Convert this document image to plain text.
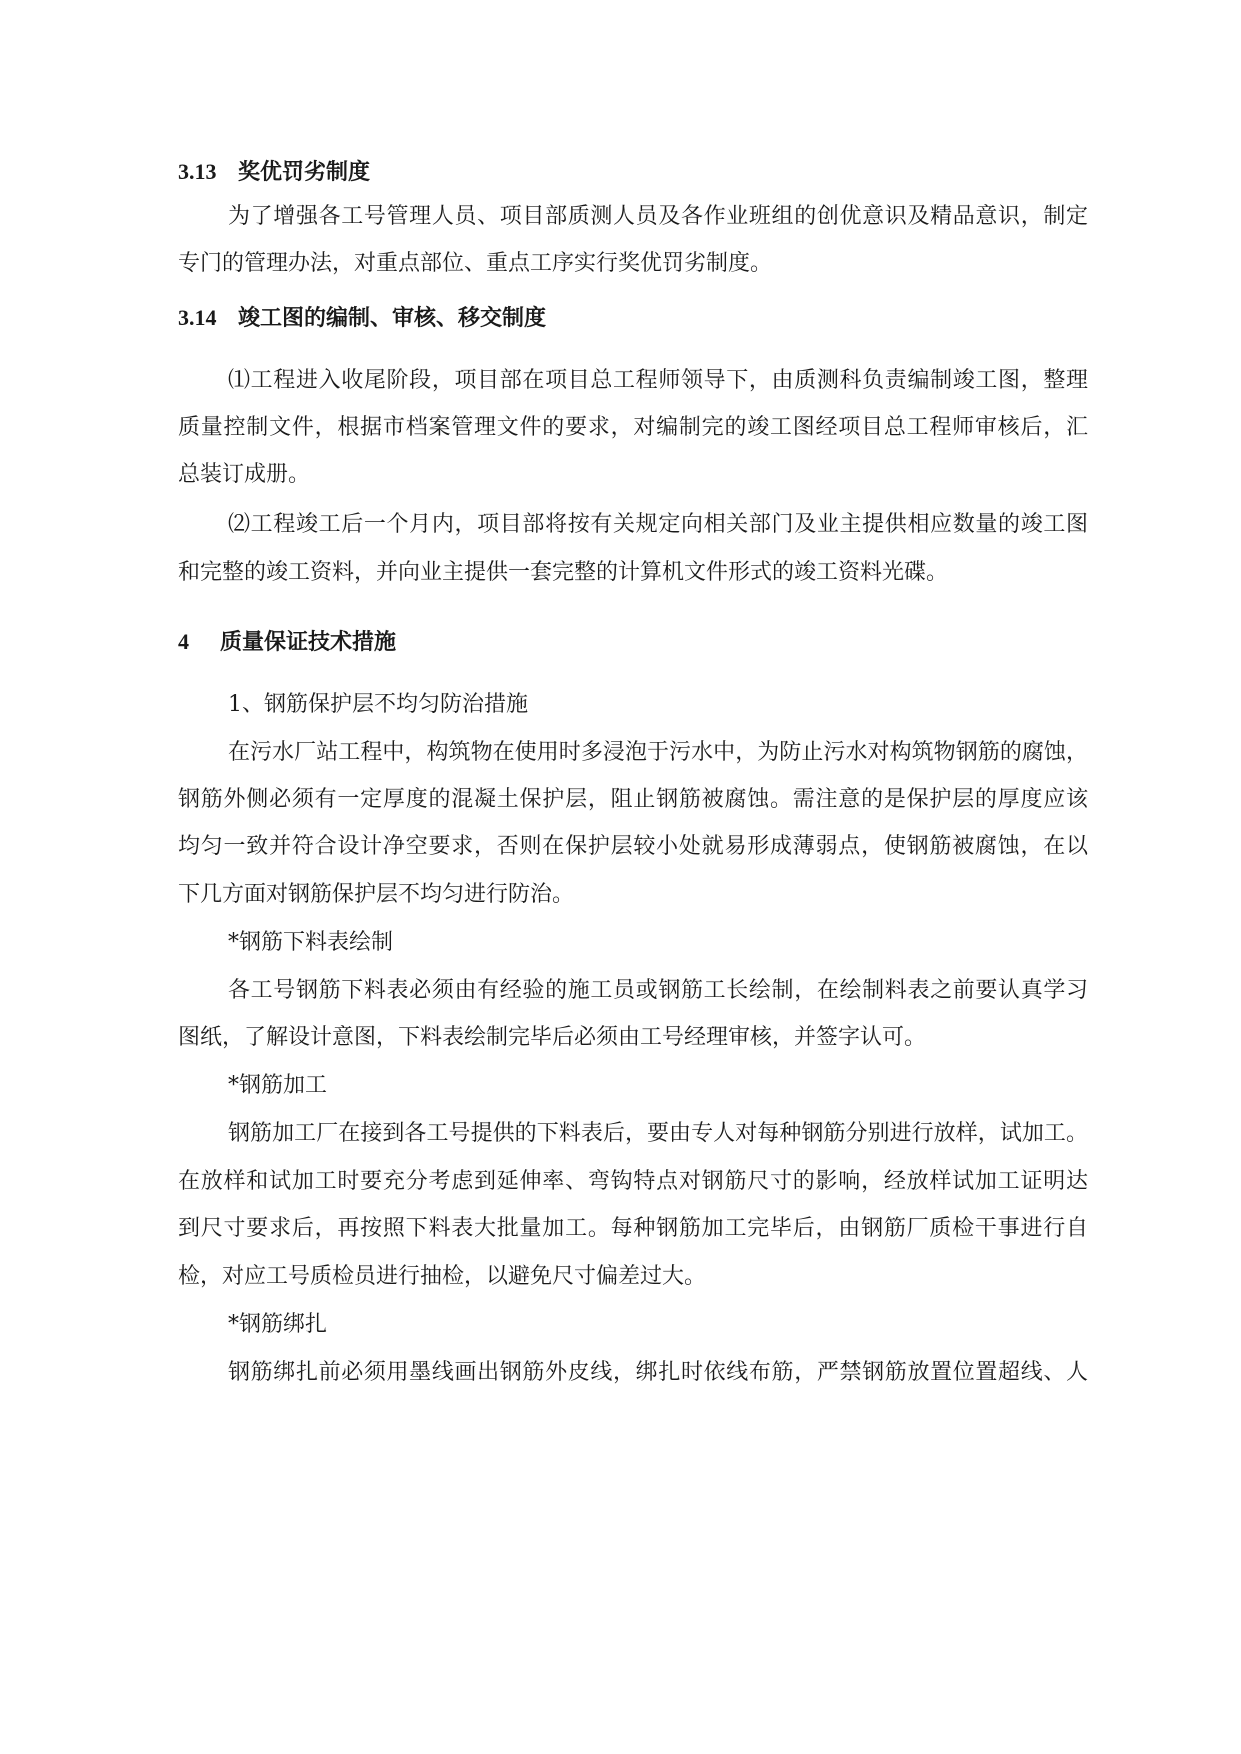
3.13 奖优罚劣制度
为了增强各工号管理人员、项目部质测人员及各作业班组的创优意识及精品意识，制定
专门的管理办法，对重点部位、重点工序实行奖优罚劣制度。
3.14 竣工图的编制、审核、移交制度
⑴工程进入收尾阶段，项目部在项目总工程师领导下，由质测科负责编制竣工图，整理
质量控制文件，根据市档案管理文件的要求，对编制完的竣工图经项目总工程师审核后，汇
总装订成册。
⑵工程竣工后一个月内，项目部将按有关规定向相关部门及业主提供相应数量的竣工图
和完整的竣工资料，并向业主提供一套完整的计算机文件形式的竣工资料光碟。
4 质量保证技术措施
1、钢筋保护层不均匀防治措施
在污水厂站工程中，构筑物在使用时多浸泡于污水中，为防止污水对构筑物钢筋的腐蚀，
钢筋外侧必须有一定厚度的混凝土保护层，阻止钢筋被腐蚀。需注意的是保护层的厚度应该
均匀一致并符合设计净空要求，否则在保护层较小处就易形成薄弱点，使钢筋被腐蚀，在以
下几方面对钢筋保护层不均匀进行防治。
*钢筋下料表绘制
各工号钢筋下料表必须由有经验的施工员或钢筋工长绘制，在绘制料表之前要认真学习
图纸，了解设计意图，下料表绘制完毕后必须由工号经理审核，并签字认可。
*钢筋加工
钢筋加工厂在接到各工号提供的下料表后，要由专人对每种钢筋分别进行放样，试加工。
在放样和试加工时要充分考虑到延伸率、弯钩特点对钢筋尺寸的影响，经放样试加工证明达
到尺寸要求后，再按照下料表大批量加工。每种钢筋加工完毕后，由钢筋厂质检干事进行自
检，对应工号质检员进行抽检，以避免尺寸偏差过大。
*钢筋绑扎
钢筋绑扎前必须用墨线画出钢筋外皮线，绑扎时依线布筋，严禁钢筋放置位置超线、人
